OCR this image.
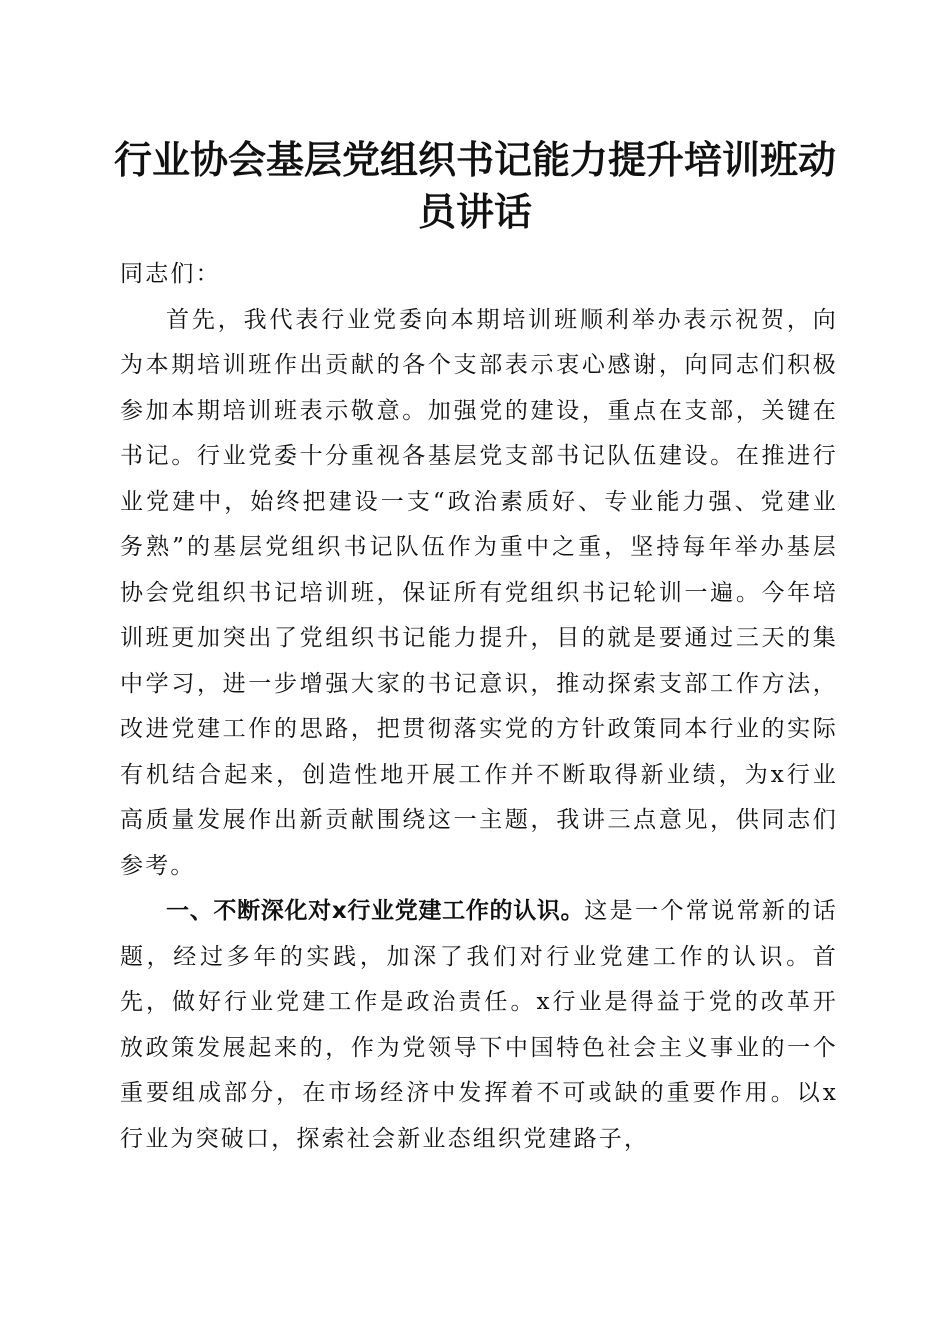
行业协会基层党组织书记能力提升培训班动员讲话

同志们：

首先，我代表行业党委向本期培训班顺利举办表示祝贺，向为本期培训班作出贡献的各个支部表示衷心感谢，向同志们积极参加本期培训班表示敬意。加强党的建设，重点在支部，关键在书记。行业党委十分重视各基层党支部书记队伍建设。在推进行业党建中，始终把建设一支“政治素质好、专业能力强、党建业务熟”的基层党组织书记队伍作为重中之重，坚持每年举办基层协会党组织书记培训班，保证所有党组织书记轮训一遍。今年培训班更加突出了党组织书记能力提升，目的就是要通过三天的集中学习，进一步增强大家的书记意识，推动探索支部工作方法，改进党建工作的思路，把贯彻落实党的方针政策同本行业的实际有机结合起来，创造性地开展工作并不断取得新业绩，为x行业高质量发展作出新贡献围绕这一主题，我讲三点意见，供同志们参考。

一、不断深化对x行业党建工作的认识。这是一个常说常新的话题，经过多年的实践，加深了我们对行业党建工作的认识。首先，做好行业党建工作是政治责任。x行业是得益于党的改革开放政策发展起来的，作为党领导下中国特色社会主义事业的一个重要组成部分，在市场经济中发挥着不可或缺的重要作用。以x行业为突破口，探索社会新业态组织党建路子，
